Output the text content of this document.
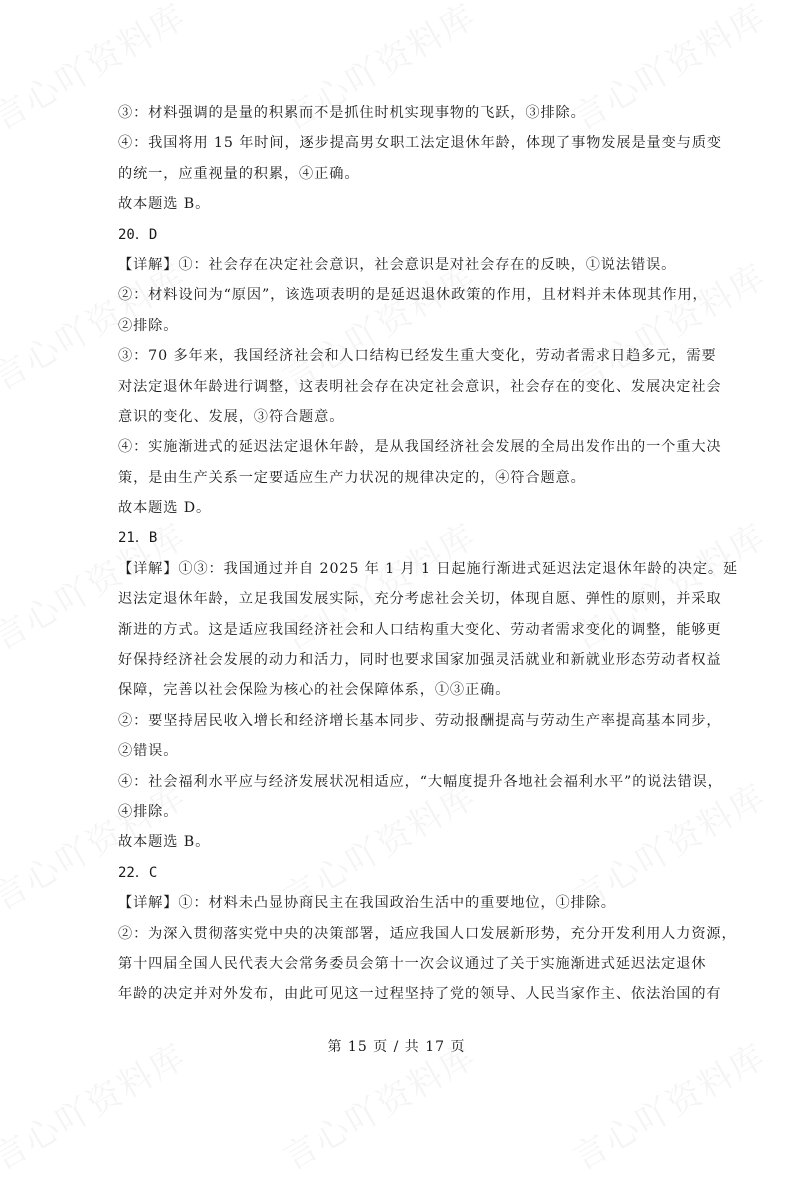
③：材料强调的是量的积累而不是抓住时机实现事物的飞跃，③排除。
④：我国将用 15 年时间，逐步提高男女职工法定退休年龄，体现了事物发展是量变与质变
的统一，应重视量的积累，④正确。
故本题选 B。
20．D
【详解】①：社会存在决定社会意识，社会意识是对社会存在的反映，①说法错误。
②：材料设问为“原因”，该选项表明的是延迟退休政策的作用，且材料并未体现其作用，
②排除。
③：70 多年来，我国经济社会和人口结构已经发生重大变化，劳动者需求日趋多元，需要
对法定退休年龄进行调整，这表明社会存在决定社会意识，社会存在的变化、发展决定社会
意识的变化、发展，③符合题意。
④：实施渐进式的延迟法定退休年龄，是从我国经济社会发展的全局出发作出的一个重大决
策，是由生产关系一定要适应生产力状况的规律决定的，④符合题意。
故本题选 D。
21．B
【详解】①③：我国通过并自 2025 年 1 月 1 日起施行渐进式延迟法定退休年龄的决定。延
迟法定退休年龄，立足我国发展实际，充分考虑社会关切，体现自愿、弹性的原则，并采取
渐进的方式。这是适应我国经济社会和人口结构重大变化、劳动者需求变化的调整，能够更
好保持经济社会发展的动力和活力，同时也要求国家加强灵活就业和新就业形态劳动者权益
保障，完善以社会保险为核心的社会保障体系，①③正确。
②：要坚持居民收入增长和经济增长基本同步、劳动报酬提高与劳动生产率提高基本同步，
②错误。
④：社会福利水平应与经济发展状况相适应，“大幅度提升各地社会福利水平”的说法错误，
④排除。
故本题选 B。
22．C
【详解】①：材料未凸显协商民主在我国政治生活中的重要地位，①排除。
②：为深入贯彻落实党中央的决策部署，适应我国人口发展新形势，充分开发利用人力资源，
第十四届全国人民代表大会常务委员会第十一次会议通过了关于实施渐进式延迟法定退休
年龄的决定并对外发布，由此可见这一过程坚持了党的领导、人民当家作主、依法治国的有
第 15 页 / 共 17 页
